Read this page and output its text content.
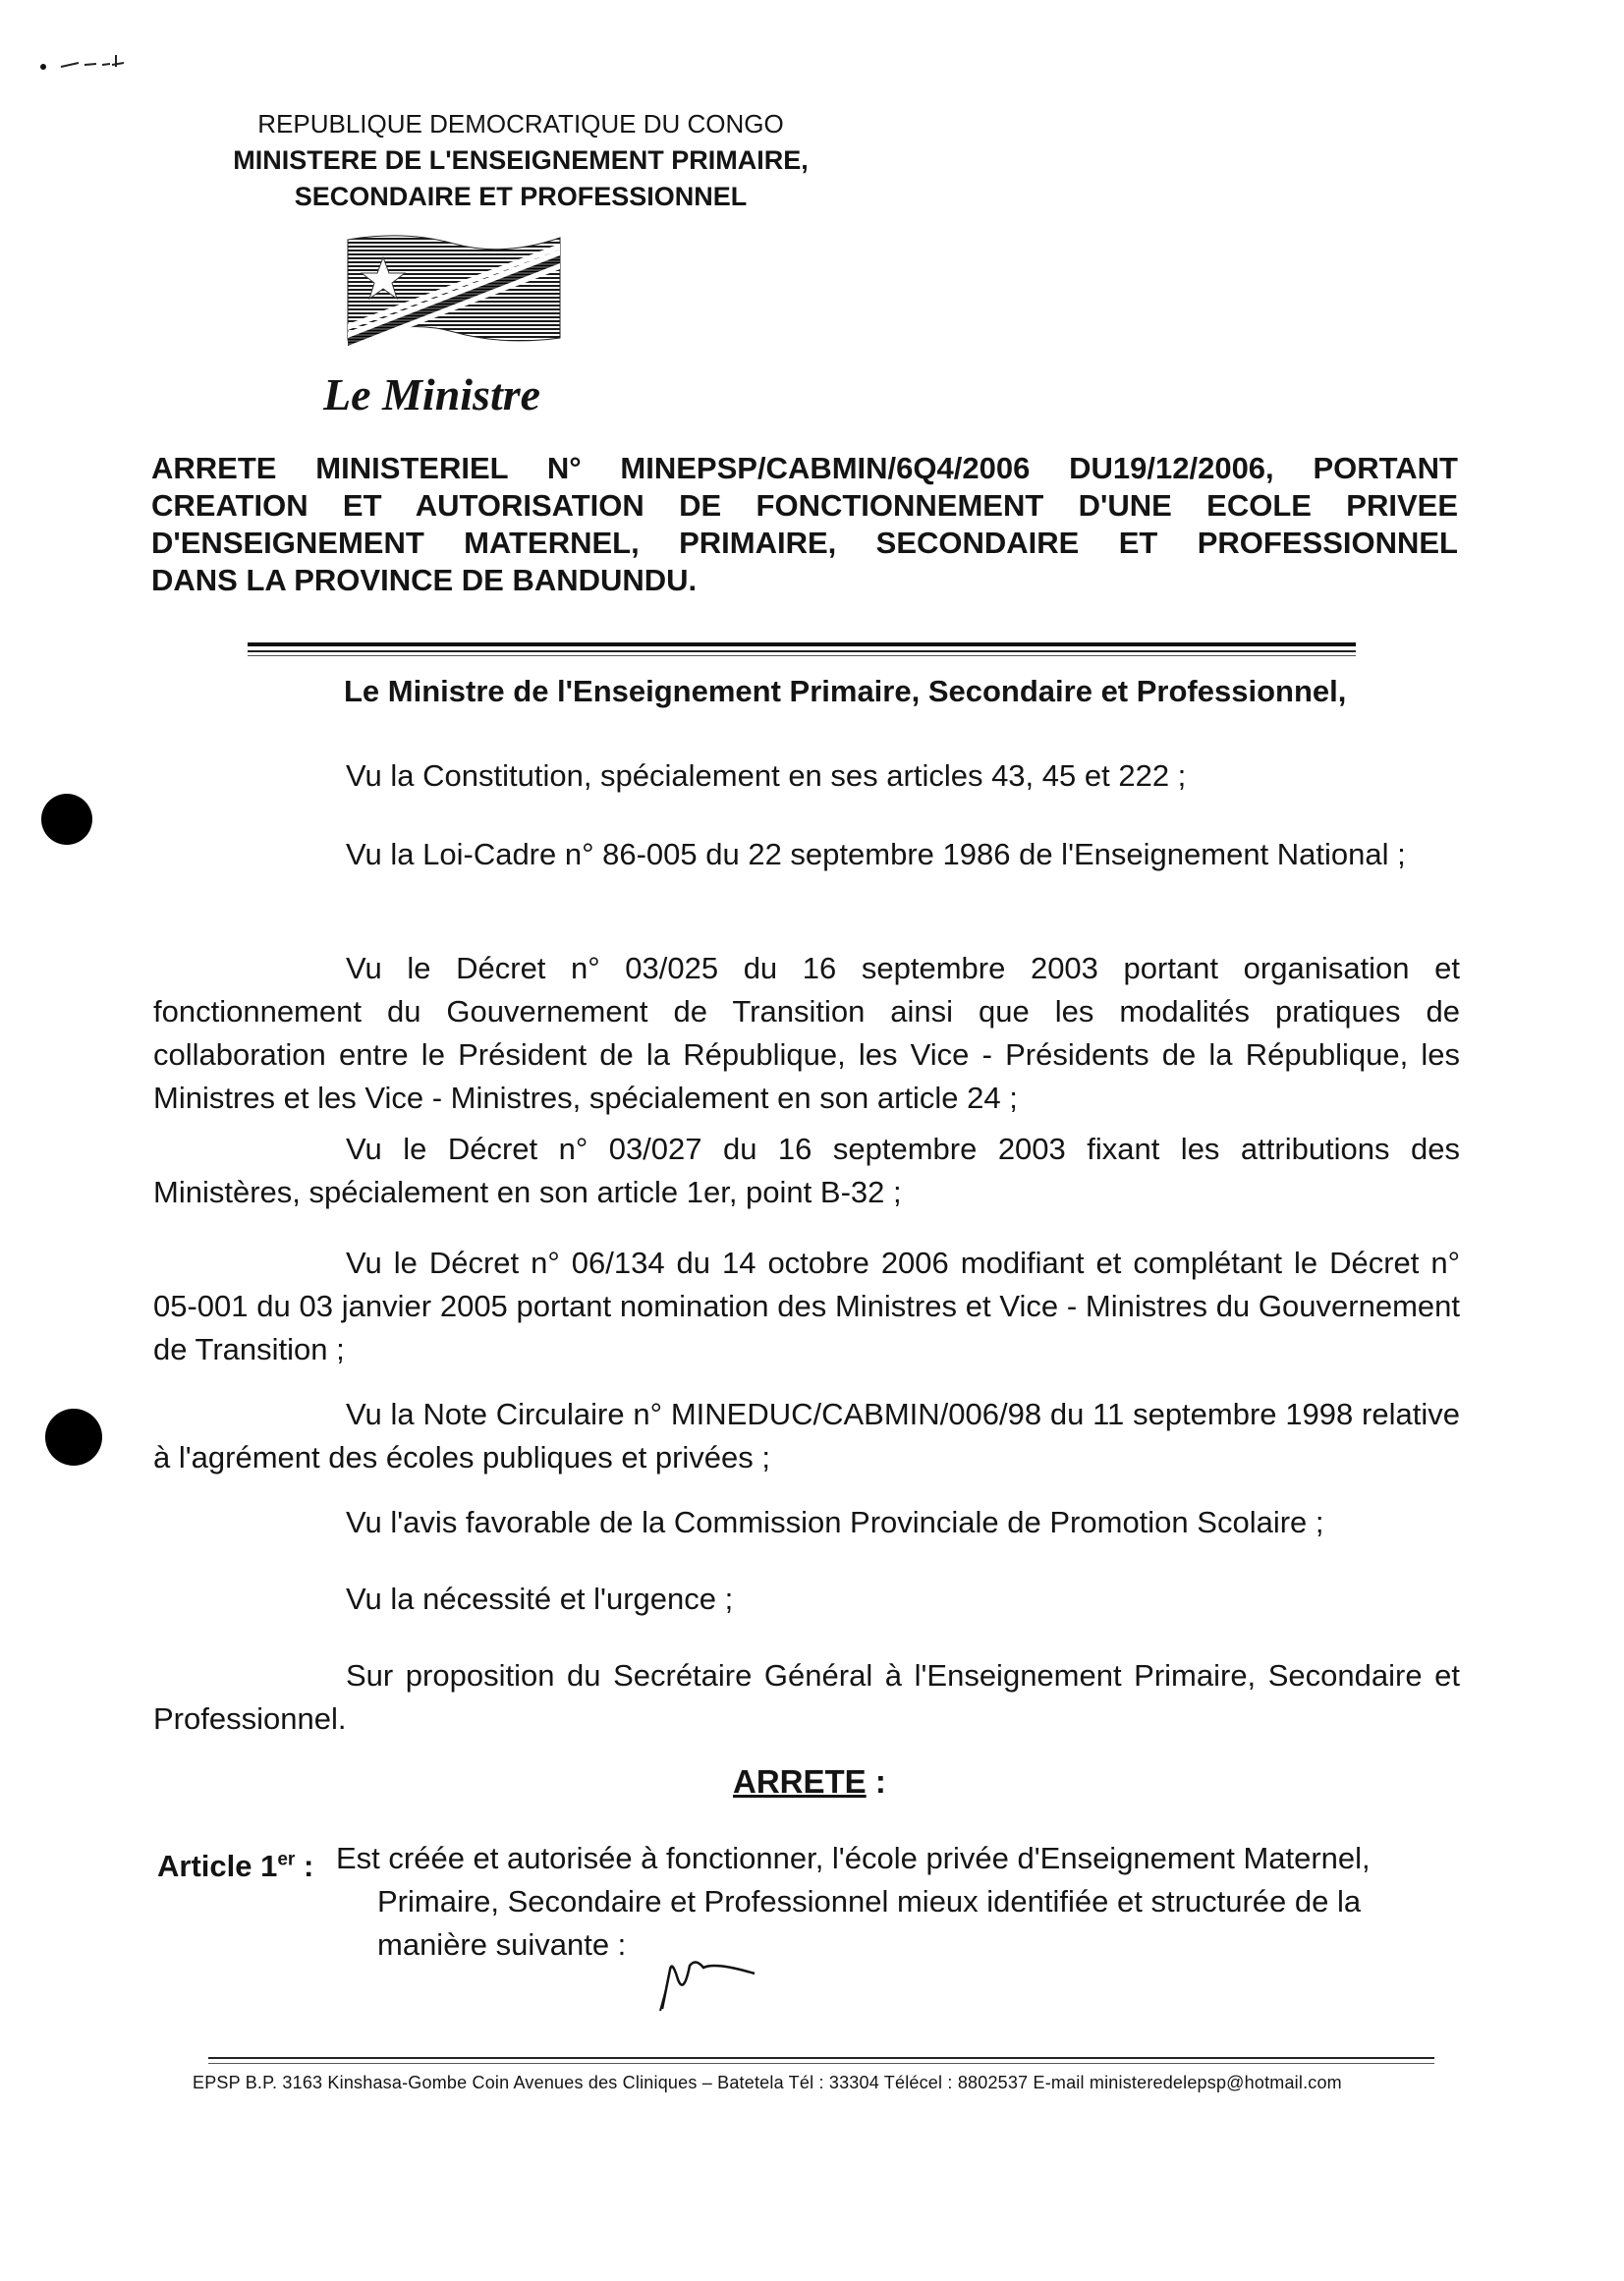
REPUBLIQUE DEMOCRATIQUE DU CONGO
MINISTERE DE L'ENSEIGNEMENT PRIMAIRE,
SECONDAIRE ET PROFESSIONNEL
Le Ministre
ARRETE MINISTERIEL N° MINEPSP/CABMIN/6Q4/2006 DU19/12/2006, PORTANT
CREATION ET AUTORISATION DE FONCTIONNEMENT D'UNE ECOLE PRIVEE
D'ENSEIGNEMENT MATERNEL, PRIMAIRE, SECONDAIRE ET PROFESSIONNEL
DANS LA PROVINCE DE BANDUNDU.
Le Ministre de l'Enseignement Primaire, Secondaire et Professionnel,

Vu la Constitution, spécialement en ses articles 43, 45 et 222 ;

Vu la Loi-Cadre n° 86-005 du 22 septembre 1986 de l'Enseignement National ;

Vu le Décret n° 03/025 du 16 septembre 2003 portant organisation et fonctionnement du Gouvernement de Transition ainsi que les modalités pratiques de collaboration entre le Président de la République, les Vice - Présidents de la République, les Ministres et les Vice - Ministres, spécialement en son article 24 ;

Vu le Décret n° 03/027 du 16 septembre 2003 fixant les attributions des Ministères, spécialement en son article 1er, point B-32 ;

Vu le Décret n° 06/134 du 14 octobre 2006 modifiant et complétant le Décret n° 05-001 du 03 janvier 2005 portant nomination des Ministres et Vice - Ministres du Gouvernement de Transition ;

Vu la Note Circulaire n° MINEDUC/CABMIN/006/98 du 11 septembre 1998 relative à l'agrément des écoles publiques et privées ;

Vu l'avis favorable de la Commission Provinciale de Promotion Scolaire ;

Vu la nécessité et l'urgence ;

Sur proposition du Secrétaire Général à l'Enseignement Primaire, Secondaire et Professionnel.

ARRETE :
Article 1er : Est créée et autorisée à fonctionner, l'école privée d'Enseignement Maternel,

Primaire, Secondaire et Professionnel mieux identifiée et structurée de la manière suivante :

EPSP B.P. 3163 Kinshasa-Gombe Coin Avenues des Cliniques – Batetela Tél : 33304 Télécel : 8802537 E-mail ministeredelepsp@hotmail.com
